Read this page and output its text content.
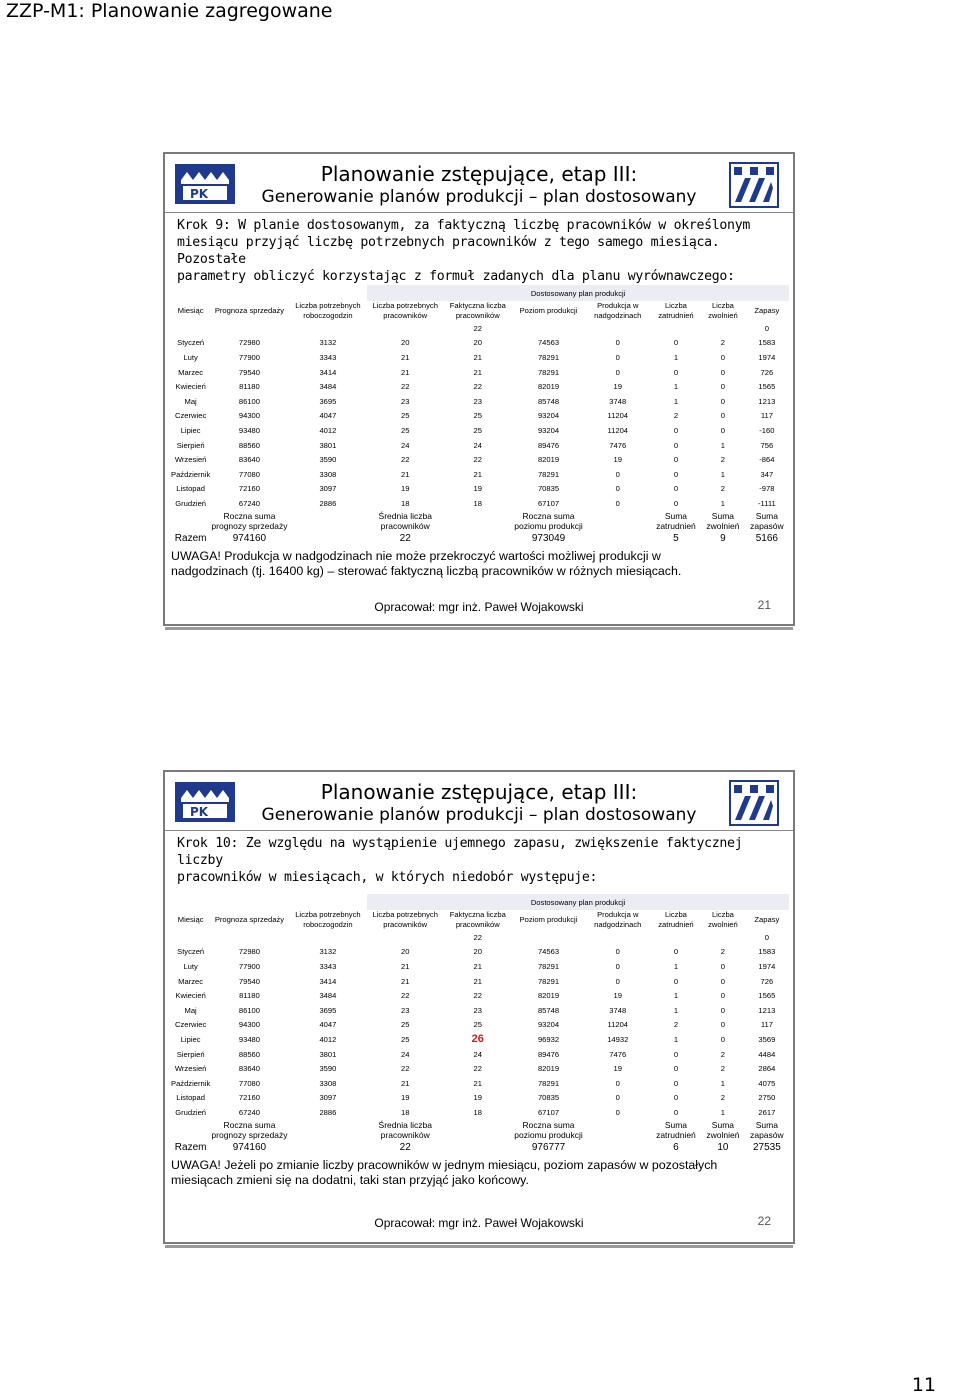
ZZP-M1: Planowanie zagregowane
PK
Planowanie zstępujące, etap III:
Generowanie planów produkcji – plan dostosowany
Krok 9: W planie dostosowanym, za faktyczną liczbę pracowników w określonym
miesiącu przyjąć liczbę potrzebnych pracowników z tego samego miesiąca. Pozostałe
parametry obliczyć korzystając z formuł zadanych dla planu wyrównawczego:
			Dostosowany plan produkcji						
Miesiąc	Prognoza sprzedaży	Liczba potrzebnych roboczogodzin	Liczba potrzebnych pracowników	Faktyczna liczba pracowników	Poziom produkcji	Produkcja w nadgodzinach	Liczba zatrudnień	Liczba zwolnień	Zapasy
				22					0
Styczeń	72980	3132	20	20	74563	0	0	2	1583
Luty	77900	3343	21	21	78291	0	1	0	1974
Marzec	79540	3414	21	21	78291	0	0	0	726
Kwiecień	81180	3484	22	22	82019	19	1	0	1565
Maj	86100	3695	23	23	85748	3748	1	0	1213
Czerwiec	94300	4047	25	25	93204	11204	2	0	117
Lipiec	93480	4012	25	25	93204	11204	0	0	-160
Sierpień	88560	3801	24	24	89476	7476	0	1	756
Wrzesień	83640	3590	22	22	82019	19	0	2	-864
Październik	77080	3308	21	21	78291	0	0	1	347
Listopad	72160	3097	19	19	70835	0	0	2	-978
Grudzień	67240	2886	18	18	67107	0	0	1	-1111
	Roczna suma prognozy sprzedaży		Średnia liczba pracowników		Roczna suma poziomu produkcji		Suma zatrudnień	Suma zwolnień	Suma zapasów
Razem	974160		22		973049		5	9	5166
UWAGA! Produkcja w nadgodzinach nie może przekroczyć wartości możliwej produkcji w
nadgodzinach (tj. 16400 kg) – sterować faktyczną liczbą pracowników w różnych miesiącach.
Opracował: mgr inż. Paweł Wojakowski	21
PK
Planowanie zstępujące, etap III:
Generowanie planów produkcji – plan dostosowany
Krok 10: Ze względu na wystąpienie ujemnego zapasu, zwiększenie faktycznej liczby
pracowników w miesiącach, w których niedobór występuje:
			Dostosowany plan produkcji						
Miesiąc	Prognoza sprzedaży	Liczba potrzebnych roboczogodzin	Liczba potrzebnych pracowników	Faktyczna liczba pracowników	Poziom produkcji	Produkcja w nadgodzinach	Liczba zatrudnień	Liczba zwolnień	Zapasy
				22					0
Styczeń	72980	3132	20	20	74563	0	0	2	1583
Luty	77900	3343	21	21	78291	0	1	0	1974
Marzec	79540	3414	21	21	78291	0	0	0	726
Kwiecień	81180	3484	22	22	82019	19	1	0	1565
Maj	86100	3695	23	23	85748	3748	1	0	1213
Czerwiec	94300	4047	25	25	93204	11204	2	0	117
Lipiec	93480	4012	25	26	96932	14932	1	0	3569
Sierpień	88560	3801	24	24	89476	7476	0	2	4484
Wrzesień	83640	3590	22	22	82019	19	0	2	2864
Październik	77080	3308	21	21	78291	0	0	1	4075
Listopad	72160	3097	19	19	70835	0	0	2	2750
Grudzień	67240	2886	18	18	67107	0	0	1	2617
	Roczna suma prognozy sprzedaży		Średnia liczba pracowników		Roczna suma poziomu produkcji		Suma zatrudnień	Suma zwolnień	Suma zapasów
Razem	974160		22		976777		6	10	27535
UWAGA! Jeżeli po zmianie liczby pracowników w jednym miesiącu, poziom zapasów w pozostałych
miesiącach zmieni się na dodatni, taki stan przyjąć jako końcowy.
Opracował: mgr inż. Paweł Wojakowski	22
11
